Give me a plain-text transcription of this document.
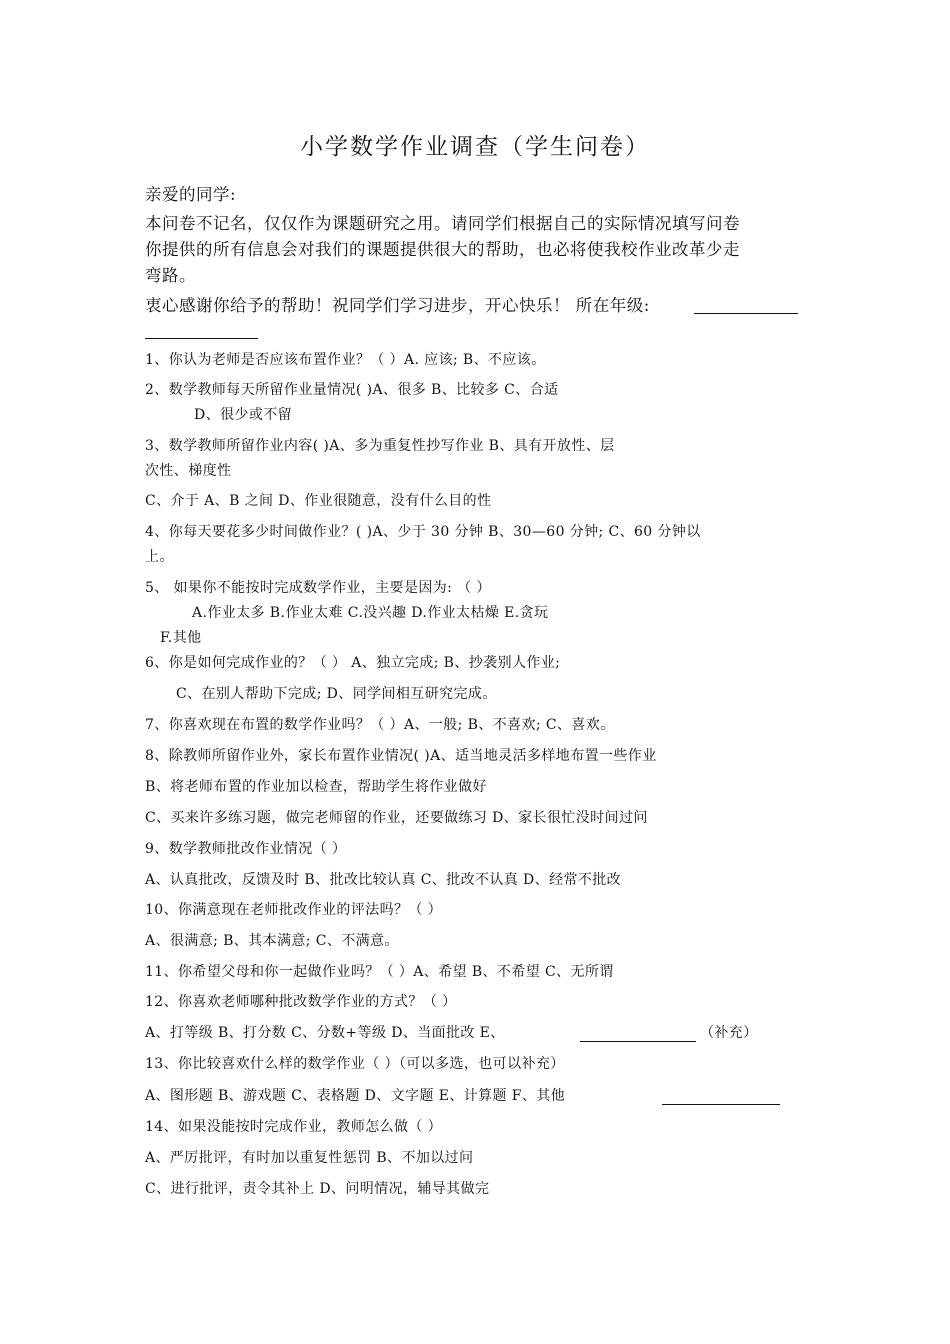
小学数学作业调查（学生问卷）
亲爱的同学:
本问卷不记名，仅仅作为课题研究之用。请同学们根据自己的实际情况填写问卷
你提供的所有信息会对我们的课题提供很大的帮助，也必将使我校作业改革少走
弯路。
衷心感谢你给予的帮助！祝同学们学习进步，开心快乐！ 所在年级:
1、你认为老师是否应该布置作业？（ ）A. 应该; B、不应该。
2、数学教师每天所留作业量情况( )A、很多 B、比较多 C、合适
D、很少或不留
3、数学教师所留作业内容( )A、多为重复性抄写作业 B、具有开放性、层
次性、梯度性
C、介于 A、B 之间 D、作业很随意，没有什么目的性
4、你每天要花多少时间做作业？( )A、少于 30 分钟 B、30—60 分钟; C、60 分钟以
上。
5、 如果你不能按时完成数学作业，主要是因为: （ ）
A.作业太多 B.作业太难 C.没兴趣 D.作业太枯燥 E.贪玩
F.其他
6、你是如何完成作业的？（ ） A、独立完成; B、抄袭别人作业;
C、在别人帮助下完成; D、同学间相互研究完成。
7、你喜欢现在布置的数学作业吗？（ ）A、一般; B、不喜欢; C、喜欢。
8、除教师所留作业外，家长布置作业情况( )A、适当地灵活多样地布置一些作业
B、将老师布置的作业加以检查，帮助学生将作业做好
C、买来许多练习题，做完老师留的作业，还要做练习 D、家长很忙没时间过问
9、数学教师批改作业情况（ ）
A、认真批改，反馈及时 B、批改比较认真 C、批改不认真 D、经常不批改
10、你满意现在老师批改作业的评法吗？（ ）
A、很满意; B、其本满意; C、不满意。
11、你希望父母和你一起做作业吗？（ ）A、希望 B、不希望 C、无所谓
12、你喜欢老师哪种批改数学作业的方式？（ ）
A、打等级 B、打分数 C、分数+等级 D、当面批改 E、	（补充）
13、你比较喜欢什么样的数学作业（ ）（可以多选，也可以补充）
A、图形题 B、游戏题 C、表格题 D、文字题 E、计算题 F、其他
14、如果没能按时完成作业，教师怎么做（ ）
A、严厉批评，有时加以重复性惩罚 B、不加以过问
C、进行批评，责令其补上 D、问明情况，辅导其做完
